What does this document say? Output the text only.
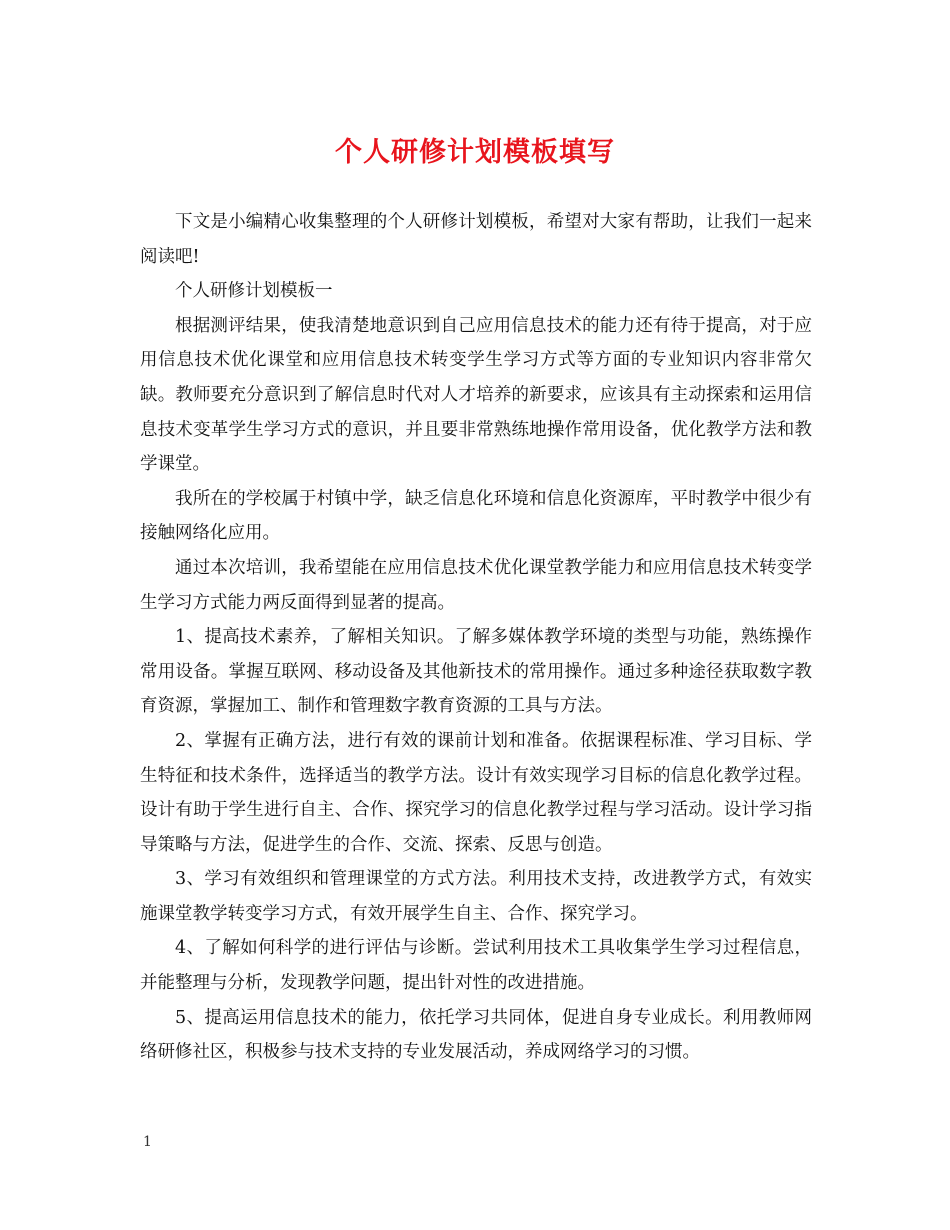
个人研修计划模板填写

下文是小编精心收集整理的个人研修计划模板，希望对大家有帮助，让我们一起来阅读吧!

个人研修计划模板一

根据测评结果，使我清楚地意识到自己应用信息技术的能力还有待于提高，对于应用信息技术优化课堂和应用信息技术转变学生学习方式等方面的专业知识内容非常欠缺。教师要充分意识到了解信息时代对人才培养的新要求，应该具有主动探索和运用信息技术变革学生学习方式的意识，并且要非常熟练地操作常用设备，优化教学方法和教学课堂。

我所在的学校属于村镇中学，缺乏信息化环境和信息化资源库，平时教学中很少有接触网络化应用。

通过本次培训，我希望能在应用信息技术优化课堂教学能力和应用信息技术转变学生学习方式能力两反面得到显著的提高。

1、提高技术素养，了解相关知识。了解多媒体教学环境的类型与功能，熟练操作常用设备。掌握互联网、移动设备及其他新技术的常用操作。通过多种途径获取数字教育资源，掌握加工、制作和管理数字教育资源的工具与方法。

2、掌握有正确方法，进行有效的课前计划和准备。依据课程标准、学习目标、学生特征和技术条件，选择适当的教学方法。设计有效实现学习目标的信息化教学过程。设计有助于学生进行自主、合作、探究学习的信息化教学过程与学习活动。设计学习指导策略与方法，促进学生的合作、交流、探索、反思与创造。

3、学习有效组织和管理课堂的方式方法。利用技术支持，改进教学方式，有效实施课堂教学转变学习方式，有效开展学生自主、合作、探究学习。

4、了解如何科学的进行评估与诊断。尝试利用技术工具收集学生学习过程信息，并能整理与分析，发现教学问题，提出针对性的改进措施。

5、提高运用信息技术的能力，依托学习共同体，促进自身专业成长。利用教师网络研修社区，积极参与技术支持的专业发展活动，养成网络学习的习惯。

1
